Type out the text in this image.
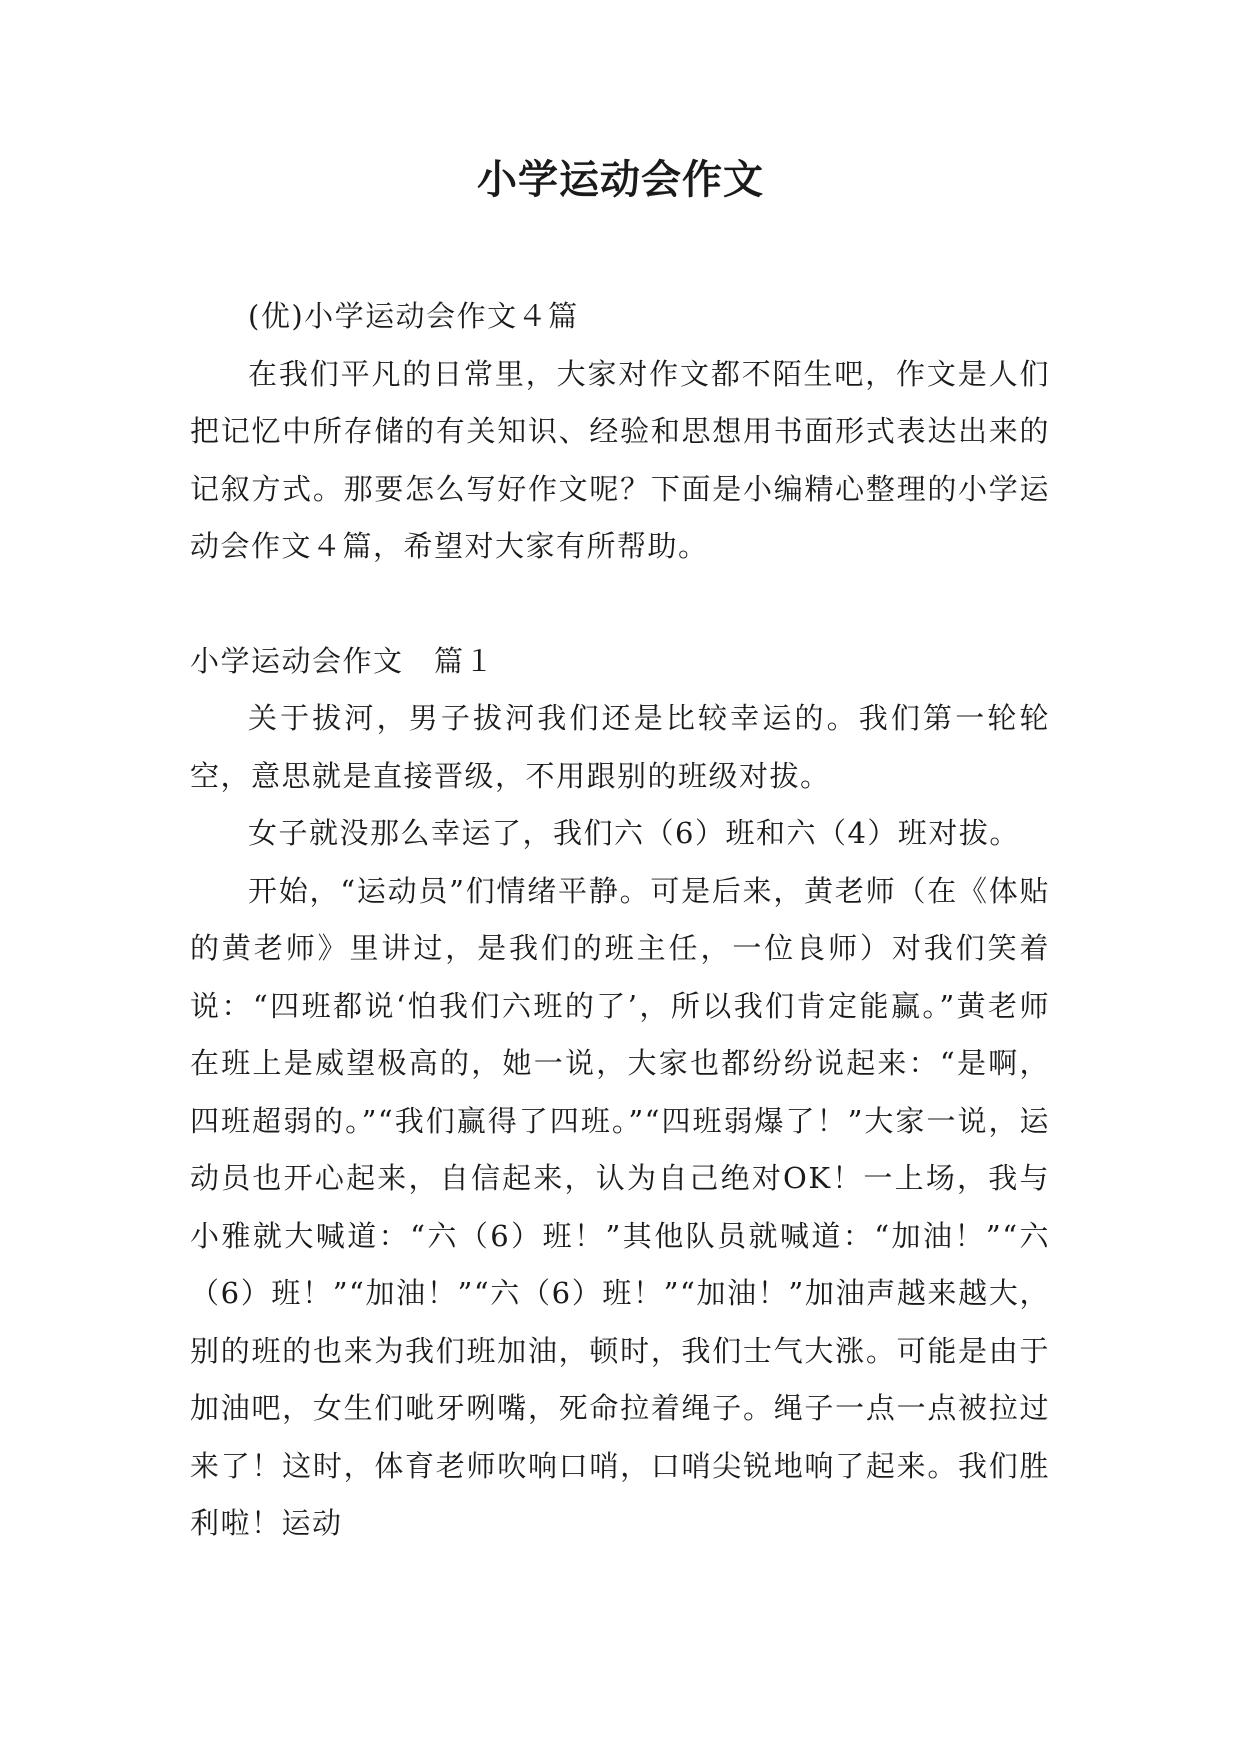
小学运动会作文

(优)小学运动会作文４篇

在我们平凡的日常里，大家对作文都不陌生吧，作文是人们把记忆中所存储的有关知识、经验和思想用书面形式表达出来的记叙方式。那要怎么写好作文呢？下面是小编精心整理的小学运动会作文４篇，希望对大家有所帮助。

小学运动会作文　篇１

关于拔河，男子拔河我们还是比较幸运的。我们第一轮轮空，意思就是直接晋级，不用跟别的班级对拔。

女子就没那么幸运了，我们六（6）班和六（4）班对拔。

开始，“运动员”们情绪平静。可是后来，黄老师（在《体贴的黄老师》里讲过，是我们的班主任，一位良师）对我们笑着说：“四班都说‘怕我们六班的了’，所以我们肯定能赢。”黄老师在班上是威望极高的，她一说，大家也都纷纷说起来：“是啊，四班超弱的。”“我们赢得了四班。”“四班弱爆了！”大家一说，运动员也开心起来，自信起来，认为自己绝对OK！一上场，我与小雅就大喊道：“六（6）班！”其他队员就喊道：“加油！”“六（6）班！”“加油！”“六（6）班！”“加油！”加油声越来越大，别的班的也来为我们班加油，顿时，我们士气大涨。可能是由于加油吧，女生们呲牙咧嘴，死命拉着绳子。绳子一点一点被拉过来了！这时，体育老师吹响口哨，口哨尖锐地响了起来。我们胜利啦！运动
